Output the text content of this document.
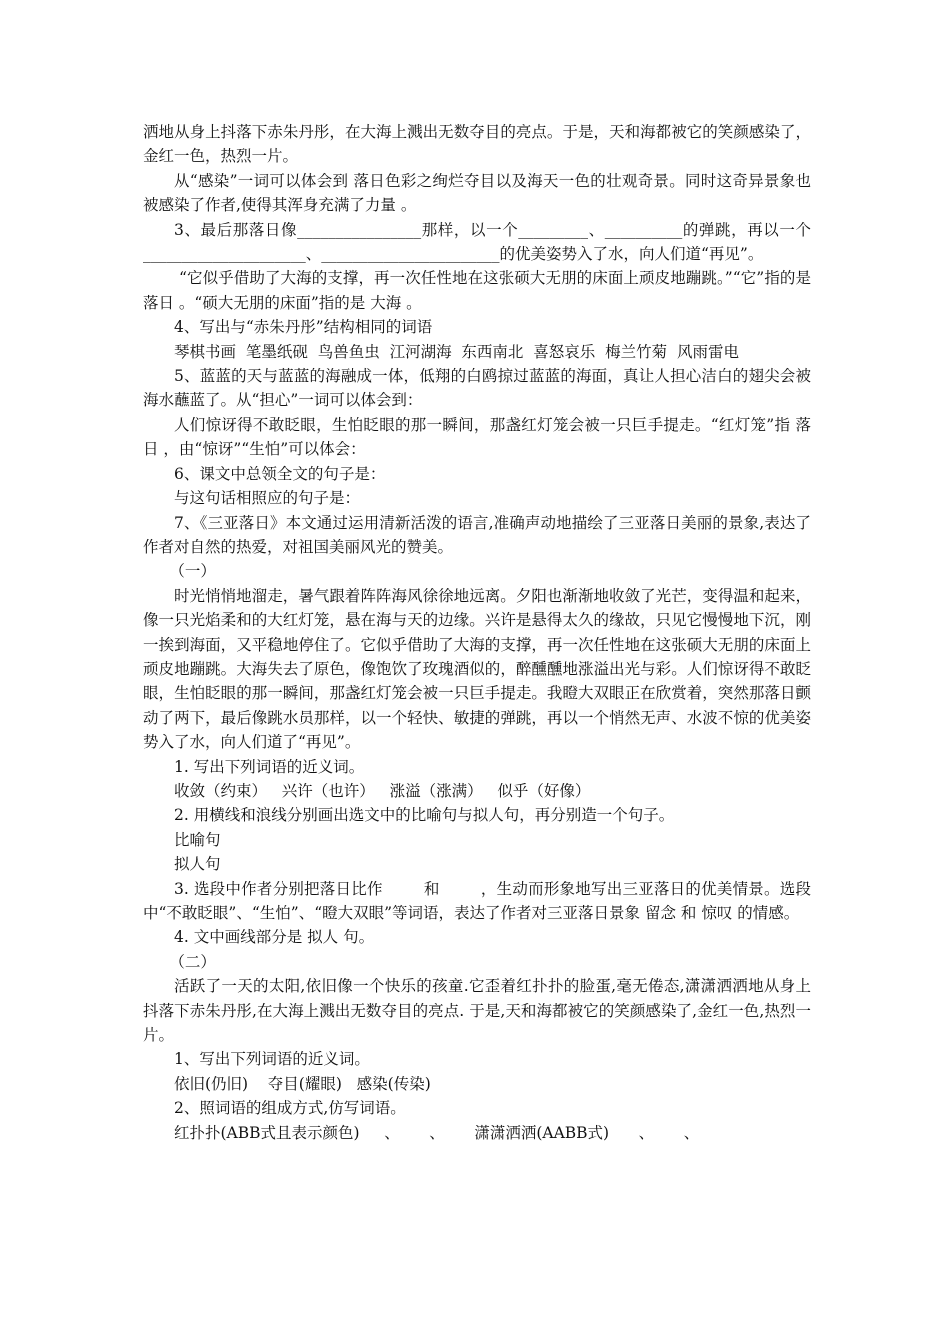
洒地从身上抖落下赤朱丹彤，在大海上溅出无数夺目的亮点。于是，天和海都被它的笑颜感染了，金红一色，热烈一片。

从“感染”一词可以体会到 落日色彩之绚烂夺目以及海天一色的壮观奇景。同时这奇异景象也被感染了作者,使得其浑身充满了力量 。

3、最后那落日像________________那样，以一个_________、__________的弹跳，再以一个_____________________、_______________________的优美姿势入了水，向人们道“再见”。

“它似乎借助了大海的支撑，再一次任性地在这张硕大无朋的床面上顽皮地蹦跳。”“它”指的是 落日 。“硕大无朋的床面”指的是 大海 。

4、写出与“赤朱丹彤”结构相同的词语

琴棋书画  笔墨纸砚  鸟兽鱼虫  江河湖海  东西南北  喜怒哀乐  梅兰竹菊  风雨雷电

5、蓝蓝的天与蓝蓝的海融成一体，低翔的白鸥掠过蓝蓝的海面，真让人担心洁白的翅尖会被海水蘸蓝了。从“担心”一词可以体会到：

人们惊讶得不敢眨眼，生怕眨眼的那一瞬间，那盏红灯笼会被一只巨手提走。“红灯笼”指 落日 ，由“惊讶”“生怕”可以体会：

6、课文中总领全文的句子是：

与这句话相照应的句子是：

7、《三亚落日》本文通过运用清新活泼的语言,准确声动地描绘了三亚落日美丽的景象,表达了作者对自然的热爱，对祖国美丽风光的赞美。

（一）

时光悄悄地溜走，暑气跟着阵阵海风徐徐地远离。夕阳也渐渐地收敛了光芒，变得温和起来，像一只光焰柔和的大红灯笼，悬在海与天的边缘。兴许是悬得太久的缘故，只见它慢慢地下沉，刚一挨到海面，又平稳地停住了。它似乎借助了大海的支撑，再一次任性地在这张硕大无朋的床面上顽皮地蹦跳。大海失去了原色，像饱饮了玫瑰酒似的，醉醺醺地涨溢出光与彩。人们惊讶得不敢眨眼，生怕眨眼的那一瞬间，那盏红灯笼会被一只巨手提走。我瞪大双眼正在欣赏着，突然那落日颤动了两下，最后像跳水员那样，以一个轻快、敏捷的弹跳，再以一个悄然无声、水波不惊的优美姿势入了水，向人们道了“再见”。

1. 写出下列词语的近义词。

收敛（约束）   兴许（也许）   涨溢（涨满）   似乎（好像）

2. 用横线和浪线分别画出选文中的比喻句与拟人句，再分别造一个句子。

比喻句

拟人句

3. 选段中作者分别把落日比作        和        ，生动而形象地写出三亚落日的优美情景。选段中“不敢眨眼”、“生怕”、“瞪大双眼”等词语，表达了作者对三亚落日景象 留念 和 惊叹 的情感。

4. 文中画线部分是 拟人 句。

（二）

活跃了一天的太阳,依旧像一个快乐的孩童.它歪着红扑扑的脸蛋,毫无倦态,潇潇洒洒地从身上抖落下赤朱丹彤,在大海上溅出无数夺目的亮点. 于是,天和海都被它的笑颜感染了,金红一色,热烈一片。

1、写出下列词语的近义词。

依旧(仍旧)    夺目(耀眼)   感染(传染)

2、照词语的组成方式,仿写词语。

红扑扑(ABB式且表示颜色)     、      、      潇潇洒洒(AABB式)      、      、
